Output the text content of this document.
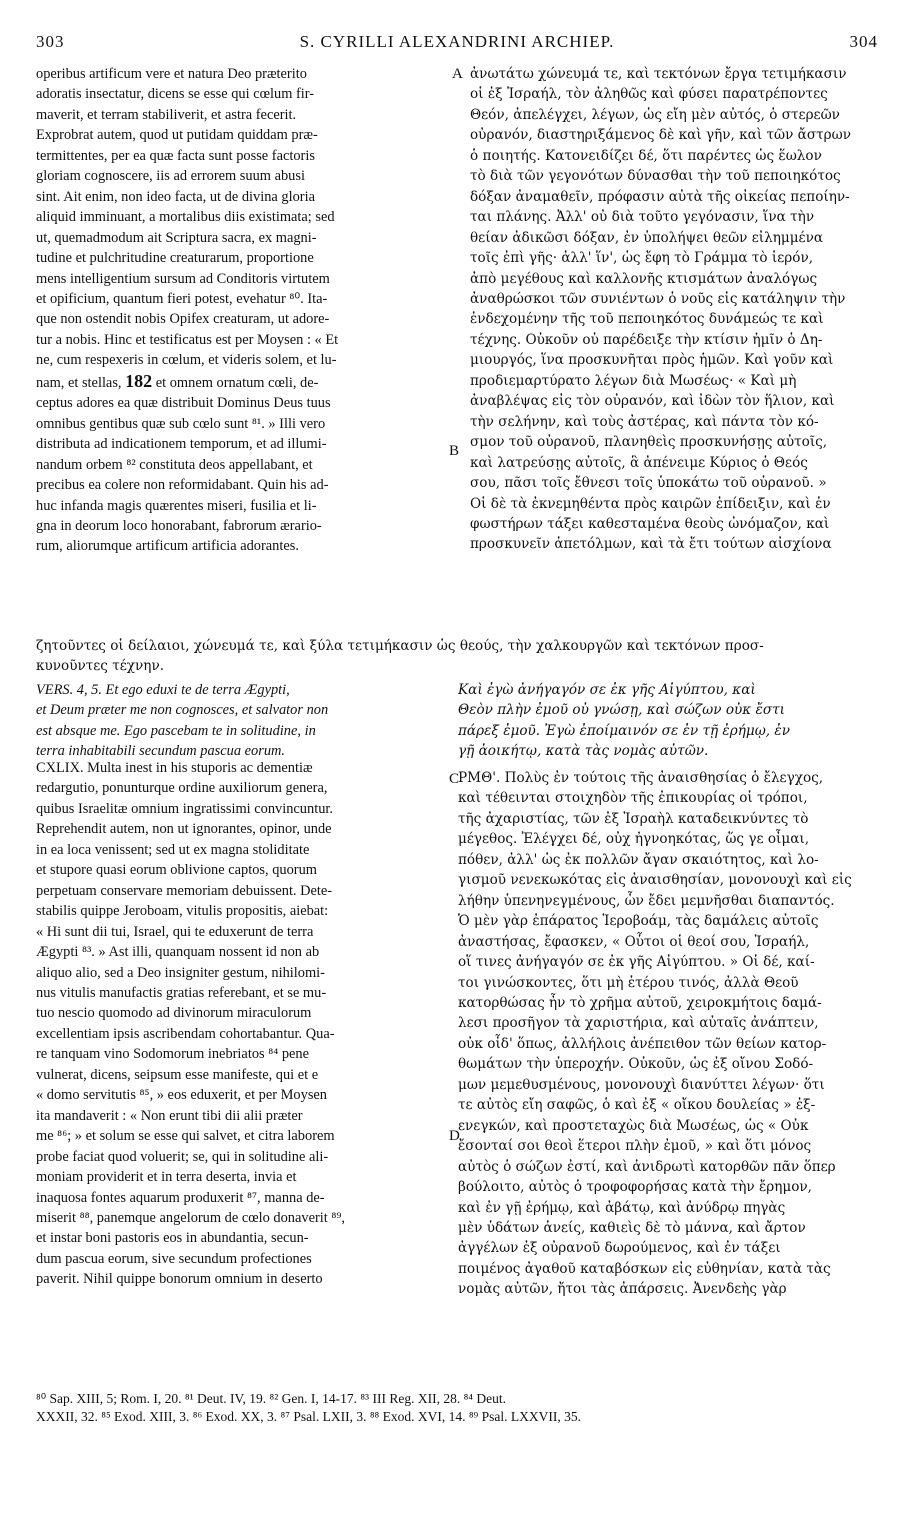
303	S. CYRILLI ALEXANDRINI ARCHIEP.	304
A
B
C
D
operibus artificum vere et natura Deo præterito
adoratis insectatur, dicens se esse qui cœlum fir-
maverit, et terram stabiliverit, et astra fecerit.
Exprobrat autem, quod ut putidam quiddam præ-
termittentes, per ea quæ facta sunt posse factoris
gloriam cognoscere, iis ad errorem suum abusi
sint. Ait enim, non ideo facta, ut de divina gloria
aliquid imminuant, a mortalibus diis existimata; sed
ut, quemadmodum ait Scriptura sacra, ex magni-
tudine et pulchritudine creaturarum, proportione
mens intelligentium sursum ad Conditoris virtutem
et opificium, quantum fieri potest, evehatur ⁸⁰. Ita-
que non ostendit nobis Opifex creaturam, ut adore-
tur a nobis. Hinc et testificatus est per Moysen : « Et
ne, cum respexeris in cœlum, et videris solem, et lu-
nam, et stellas, 182 et omnem ornatum cœli, de-
ceptus adores ea quæ distribuit Dominus Deus tuus
omnibus gentibus quæ sub cœlo sunt ⁸¹. » Illi vero
distributa ad indicationem temporum, et ad illumi-
nandum orbem ⁸² constituta deos appellabant, et
precibus ea colere non reformidabant. Quin his ad-
huc infanda magis quærentes miseri, fusilia et li-
gna in deorum loco honorabant, fabrorum ærario-
rum, aliorumque artificum artificia adorantes.
ἀνωτάτω χώνευμά τε, καὶ τεκτόνων ἔργα τετιμήκασιν
οἱ ἐξ Ἰσραήλ, τὸν ἀληθῶς καὶ φύσει παρατρέποντες
Θεόν, ἀπελέγχει, λέγων, ὡς εἴη μὲν αὐτός, ὁ στερεῶν
οὐρανόν, διαστηριξάμενος δὲ καὶ γῆν, καὶ τῶν ἄστρων
ὁ ποιητής. Κατονειδίζει δέ, ὅτι παρέντες ὡς ἕωλον
τὸ διὰ τῶν γεγονότων δύνασθαι τὴν τοῦ πεποιηκότος
δόξαν ἀναμαθεῖν, πρόφασιν αὐτὰ τῆς οἰκείας πεποίην-
ται πλάνης. Ἀλλ' οὐ διὰ τοῦτο γεγόνασιν, ἵνα τὴν
θείαν ἀδικῶσι δόξαν, ἐν ὑπολήψει θεῶν εἰλημμένα
τοῖς ἐπὶ γῆς· ἀλλ' ἵν', ὡς ἔφη τὸ Γράμμα τὸ ἱερόν,
ἀπὸ μεγέθους καὶ καλλονῆς κτισμάτων ἀναλόγως
ἀναθρώσκοι τῶν συνιέντων ὁ νοῦς εἰς κατάληψιν τὴν
ἐνδεχομένην τῆς τοῦ πεποιηκότος δυνάμεώς τε καὶ
τέχνης. Οὐκοῦν οὐ παρέδειξε τὴν κτίσιν ἡμῖν ὁ Δη-
μιουργός, ἵνα προσκυνῆται πρὸς ἡμῶν. Καὶ γοῦν καὶ
προδιεμαρτύρατο λέγων διὰ Μωσέως· « Καὶ μὴ
ἀναβλέψας εἰς τὸν οὐρανόν, καὶ ἰδὼν τὸν ἥλιον, καὶ
τὴν σελήνην, καὶ τοὺς ἀστέρας, καὶ πάντα τὸν κό-
σμον τοῦ οὐρανοῦ, πλανηθεὶς προσκυνήσῃς αὐτοῖς,
καὶ λατρεύσῃς αὐτοῖς, ἃ ἀπένειμε Κύριος ὁ Θεός
σου, πᾶσι τοῖς ἔθνεσι τοῖς ὑποκάτω τοῦ οὐρανοῦ. »
Οἱ δὲ τὰ ἐκνεμηθέντα πρὸς καιρῶν ἐπίδειξιν, καὶ ἐν
φωστήρων τάξει καθεσταμένα θεοὺς ὠνόμαζον, καὶ
προσκυνεῖν ἀπετόλμων, καὶ τὰ ἔτι τούτων αἰσχίονα
ζητοῦντες οἱ δείλαιοι, χώνευμά τε, καὶ ξύλα τετιμήκασιν ὡς θεούς, τὴν χαλκουργῶν καὶ τεκτόνων προσ-
κυνοῦντες τέχνην.
VERS. 4, 5. Et ego eduxi te de terra Ægypti,
et Deum præter me non cognosces, et salvator non
est absque me. Ego pascebam te in solitudine, in
terra inhabitabili secundum pascua eorum.
Καὶ ἐγὼ ἀνήγαγόν σε ἐκ γῆς Αἰγύπτου, καὶ
Θεὸν πλὴν ἐμοῦ οὐ γνώσῃ, καὶ σώζων οὐκ ἔστι
πάρεξ ἐμοῦ. Ἐγὼ ἐποίμαινόν σε ἐν τῇ ἐρήμῳ, ἐν
γῇ ἀοικήτῳ, κατὰ τὰς νομὰς αὐτῶν.
CXLIX. Multa inest in his stuporis ac dementiæ
redargutio, ponunturque ordine auxiliorum genera,
quibus Israelitæ omnium ingratissimi convincuntur.
Reprehendit autem, non ut ignorantes, opinor, unde
in ea loca venissent; sed ut ex magna stoliditate
et stupore quasi eorum oblivione captos, quorum
perpetuam conservare memoriam debuissent. Dete-
stabilis quippe Jeroboam, vitulis propositis, aiebat:
« Hi sunt dii tui, Israel, qui te eduxerunt de terra
Ægypti ⁸³. » Ast illi, quanquam nossent id non ab
aliquo alio, sed a Deo insigniter gestum, nihilomi-
nus vitulis manufactis gratias referebant, et se mu-
tuo nescio quomodo ad divinorum miraculorum
excellentiam ipsis ascribendam cohortabantur. Qua-
re tanquam vino Sodomorum inebriatos ⁸⁴ pene
vulnerat, dicens, seipsum esse manifeste, qui et e
« domo servitutis ⁸⁵, » eos eduxerit, et per Moysen
ita mandaverit : « Non erunt tibi dii alii præter
me ⁸⁶; » et solum se esse qui salvet, et citra laborem
probe faciat quod voluerit; se, qui in solitudine ali-
moniam providerit et in terra deserta, invia et
inaquosa fontes aquarum produxerit ⁸⁷, manna de-
miserit ⁸⁸, panemque angelorum de cœlo donaverit ⁸⁹,
et instar boni pastoris eos in abundantia, secun-
dum pascua eorum, sive secundum profectiones
paverit. Nihil quippe bonorum omnium in deserto
ΡΜΘ'. Πολὺς ἐν τούτοις τῆς ἀναισθησίας ὁ ἔλεγχος,
καὶ τέθεινται στοιχηδὸν τῆς ἐπικουρίας οἱ τρόποι,
τῆς ἀχαριστίας, τῶν ἐξ Ἰσραὴλ καταδεικνύντες τὸ
μέγεθος. Ἐλέγχει δέ, οὐχ ἠγνοηκότας, ὥς γε οἶμαι,
πόθεν, ἀλλ' ὡς ἐκ πολλῶν ἄγαν σκαιότητος, καὶ λο-
γισμοῦ νενεκωκότας εἰς ἀναισθησίαν, μονονουχὶ καὶ εἰς
λήθην ὑπενηνεγμένους, ὧν ἔδει μεμνῆσθαι διαπαντός.
Ὁ μὲν γὰρ ἐπάρατος Ἱεροβοάμ, τὰς δαμάλεις αὐτοῖς
ἀναστήσας, ἔφασκεν, « Οὗτοι οἱ θεοί σου, Ἰσραήλ,
οἵ τινες ἀνήγαγόν σε ἐκ γῆς Αἰγύπτου. » Οἱ δέ, καί-
τοι γινώσκοντες, ὅτι μὴ ἑτέρου τινός, ἀλλὰ Θεοῦ
κατορθώσας ἦν τὸ χρῆμα αὐτοῦ, χειροκμήτοις δαμά-
λεσι προσῆγον τὰ χαριστήρια, καὶ αὐταῖς ἀνάπτειν,
οὐκ οἶδ' ὅπως, ἀλλήλοις ἀνέπειθον τῶν θείων κατορ-
θωμάτων τὴν ὑπεροχήν. Οὐκοῦν, ὡς ἐξ οἴνου Σοδό-
μων μεμεθυσμένους, μονονουχὶ διανύττει λέγων· ὅτι
τε αὐτὸς εἴη σαφῶς, ὁ καὶ ἐξ « οἴκου δουλείας » ἐξ-
ενεγκών, καὶ προστεταχὼς διὰ Μωσέως, ὡς « Οὐκ
ἔσονταί σοι θεοὶ ἕτεροι πλὴν ἐμοῦ, » καὶ ὅτι μόνος
αὐτὸς ὁ σώζων ἐστί, καὶ ἀνιδρωτὶ κατορθῶν πᾶν ὅπερ
βούλοιτο, αὐτὸς ὁ τροφοφορήσας κατὰ τὴν ἔρημον,
καὶ ἐν γῇ ἐρήμῳ, καὶ ἀβάτῳ, καὶ ἀνύδρῳ πηγὰς
μὲν ὑδάτων ἀνείς, καθιεὶς δὲ τὸ μάννα, καὶ ἄρτον
ἀγγέλων ἐξ οὐρανοῦ δωρούμενος, καὶ ἐν τάξει
ποιμένος ἀγαθοῦ καταβόσκων εἰς εὐθηνίαν, κατὰ τὰς
νομὰς αὐτῶν, ἤτοι τὰς ἀπάρσεις. Ἀνενδεὴς γὰρ
⁸⁰ Sap. XIII, 5; Rom. I, 20. ⁸¹ Deut. IV, 19. ⁸² Gen. I, 14-17. ⁸³ III Reg. XII, 28. ⁸⁴ Deut.
XXXII, 32. ⁸⁵ Exod. XIII, 3. ⁸⁶ Exod. XX, 3. ⁸⁷ Psal. LXII, 3. ⁸⁸ Exod. XVI, 14. ⁸⁹ Psal. LXXVII, 35.
